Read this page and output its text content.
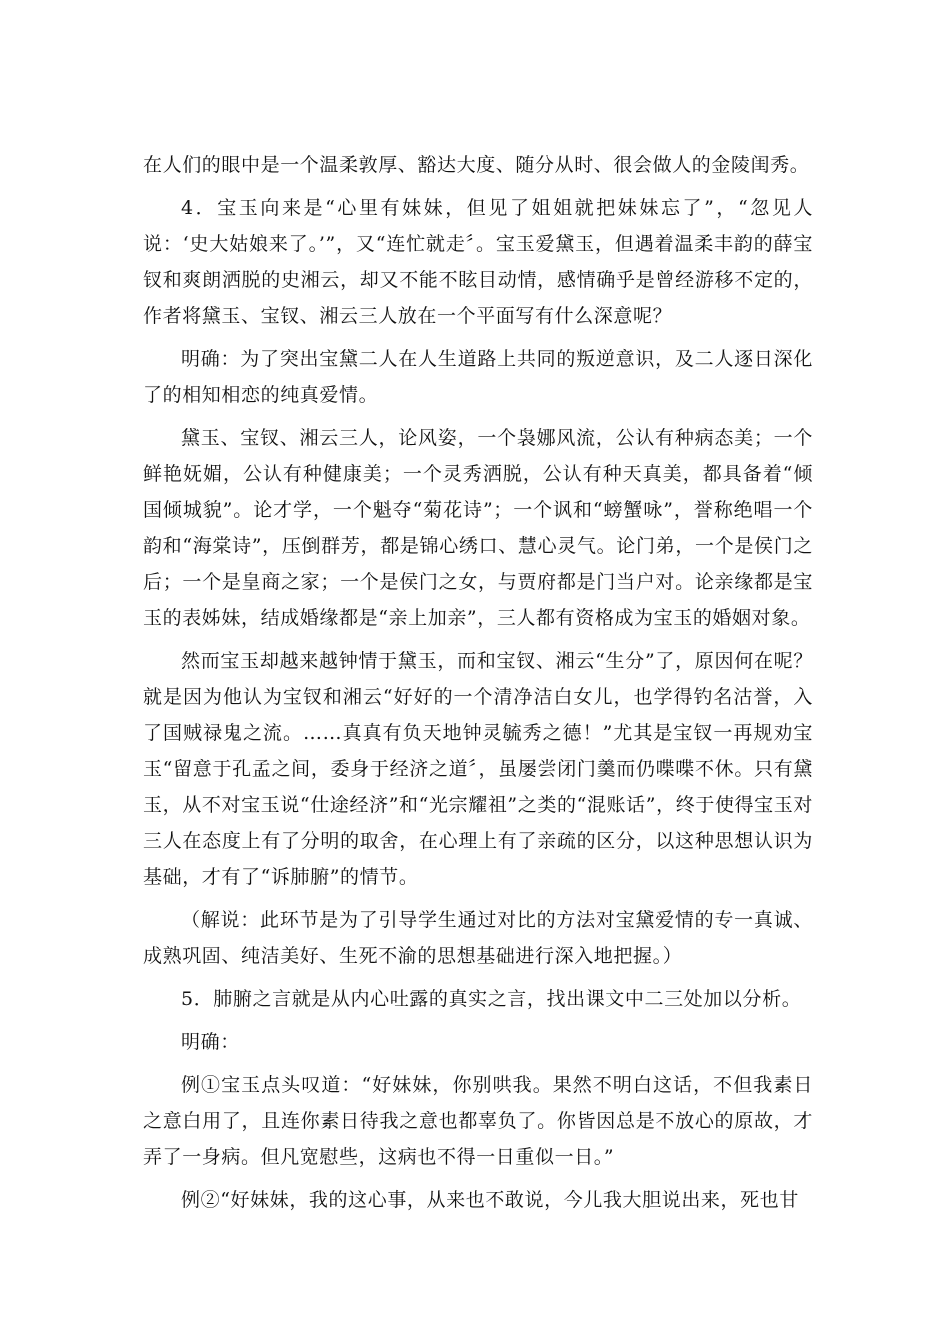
在人们的眼中是一个温柔敦厚、豁达大度、随分从时、很会做人的金陵闺秀。

4．宝玉向来是“心里有妹妹，但见了姐姐就把妹妹忘了”，“忽见人说：‘史大姑娘来了。’”，又“连忙就走〞。宝玉爱黛玉，但遇着温柔丰韵的薛宝钗和爽朗洒脱的史湘云，却又不能不眩目动情，感情确乎是曾经游移不定的，作者将黛玉、宝钗、湘云三人放在一个平面写有什么深意呢？

明确：为了突出宝黛二人在人生道路上共同的叛逆意识，及二人逐日深化了的相知相恋的纯真爱情。

黛玉、宝钗、湘云三人，论风姿，一个袅娜风流，公认有种病态美；一个鲜艳妩媚，公认有种健康美；一个灵秀洒脱，公认有种天真美，都具备着“倾国倾城貌”。论才学，一个魁夺“菊花诗”；一个讽和“螃蟹咏”，誉称绝唱一个韵和“海棠诗”，压倒群芳，都是锦心绣口、慧心灵气。论门弟，一个是侯门之后；一个是皇商之家；一个是侯门之女，与贾府都是门当户对。论亲缘都是宝玉的表姊妹，结成婚缘都是“亲上加亲”，三人都有资格成为宝玉的婚姻对象。

然而宝玉却越来越钟情于黛玉，而和宝钗、湘云“生分”了，原因何在呢？就是因为他认为宝钗和湘云“好好的一个清净洁白女儿，也学得钓名沽誉，入了国贼禄鬼之流。……真真有负天地钟灵毓秀之德！”尤其是宝钗一再规劝宝玉“留意于孔孟之间，委身于经济之道〞，虽屡尝闭门羹而仍喋喋不休。只有黛玉，从不对宝玉说“仕途经济”和“光宗耀祖”之类的“混账话”，终于使得宝玉对三人在态度上有了分明的取舍，在心理上有了亲疏的区分，以这种思想认识为基础，才有了“诉肺腑”的情节。

（解说：此环节是为了引导学生通过对比的方法对宝黛爱情的专一真诚、成熟巩固、纯洁美好、生死不渝的思想基础进行深入地把握。）

5．肺腑之言就是从内心吐露的真实之言，找出课文中二三处加以分析。

明确：

例①宝玉点头叹道：“好妹妹，你别哄我。果然不明白这话，不但我素日之意白用了，且连你素日待我之意也都辜负了。你皆因总是不放心的原故，才弄了一身病。但凡宽慰些，这病也不得一日重似一日。”

例②“好妹妹，我的这心事，从来也不敢说，今儿我大胆说出来，死也甘
